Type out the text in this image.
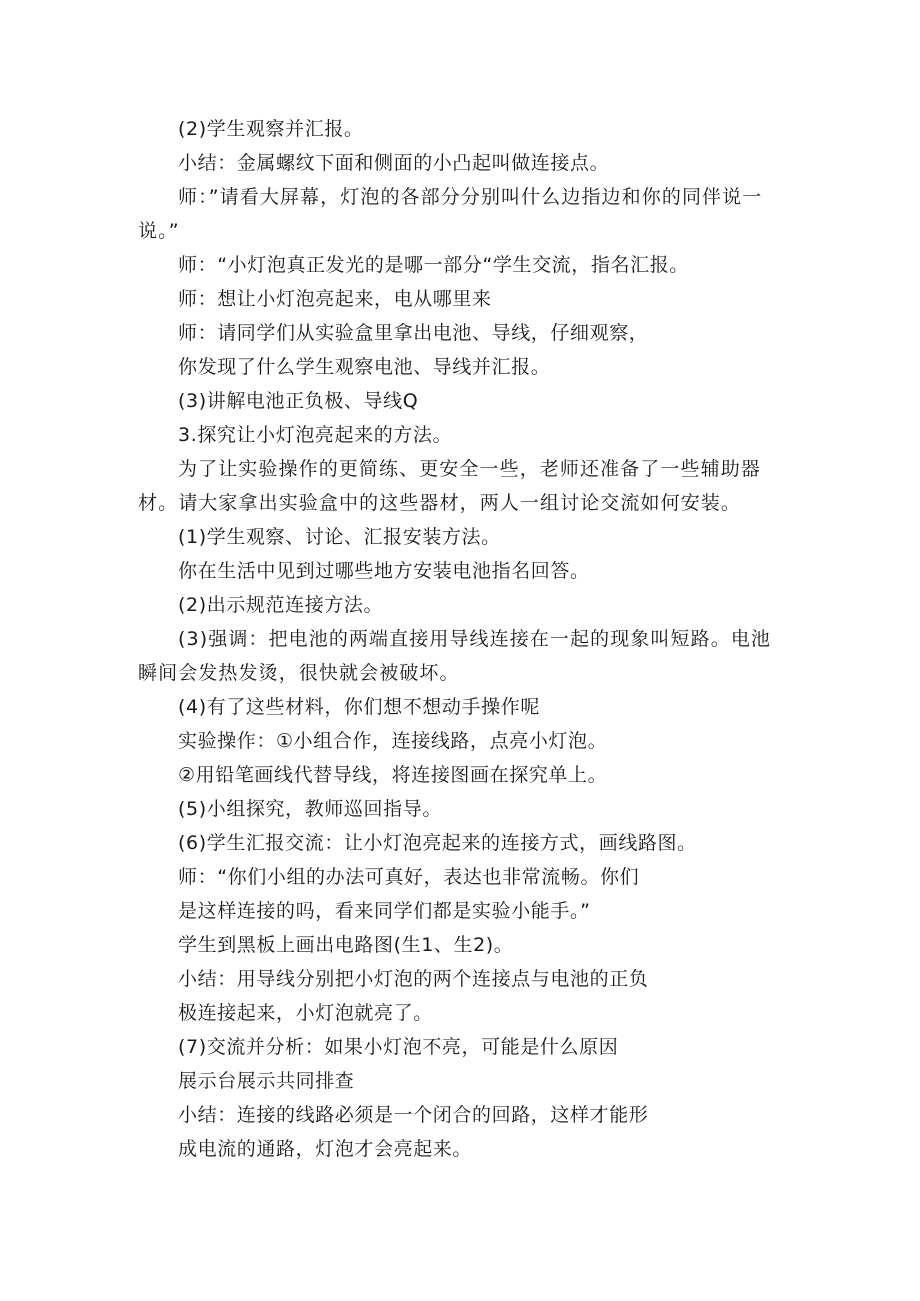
(2)学生观察并汇报。

小结：金属螺纹下面和侧面的小凸起叫做连接点。

师：”请看大屏幕，灯泡的各部分分别叫什么边指边和你的同伴说一说。”

师：“小灯泡真正发光的是哪一部分“学生交流，指名汇报。

师：想让小灯泡亮起来，电从哪里来

师：请同学们从实验盒里拿出电池、导线，仔细观察，

你发现了什么学生观察电池、导线并汇报。

(3)讲解电池正负极、导线Q

3.探究让小灯泡亮起来的方法。

为了让实验操作的更简练、更安全一些，老师还准备了一些辅助器材。请大家拿出实验盒中的这些器材，两人一组讨论交流如何安装。

(1)学生观察、讨论、汇报安装方法。

你在生活中见到过哪些地方安装电池指名回答。

(2)出示规范连接方法。

(3)强调：把电池的两端直接用导线连接在一起的现象叫短路。电池瞬间会发热发烫，很快就会被破坏。

(4)有了这些材料，你们想不想动手操作呢

实验操作：①小组合作，连接线路，点亮小灯泡。

②用铅笔画线代替导线，将连接图画在探究单上。

(5)小组探究，教师巡回指导。

(6)学生汇报交流：让小灯泡亮起来的连接方式，画线路图。

师：“你们小组的办法可真好，表达也非常流畅。你们

是这样连接的吗，看来同学们都是实验小能手。”

学生到黑板上画出电路图(生1、生2)。

小结：用导线分别把小灯泡的两个连接点与电池的正负

极连接起来，小灯泡就亮了。

(7)交流并分析：如果小灯泡不亮，可能是什么原因

展示台展示共同排查

小结：连接的线路必须是一个闭合的回路，这样才能形

成电流的通路，灯泡才会亮起来。
